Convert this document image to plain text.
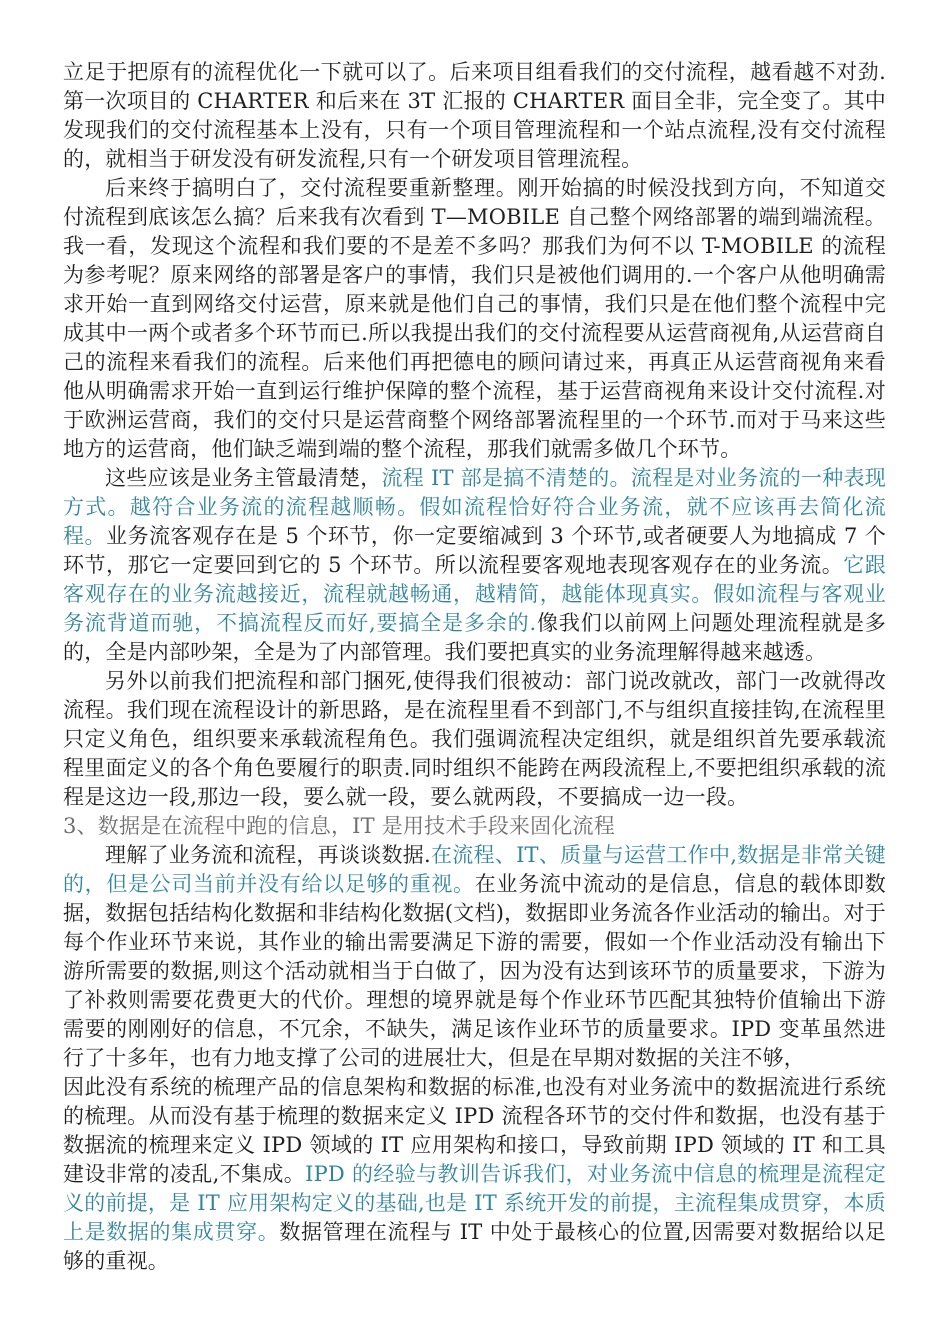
立足于把原有的流程优化一下就可以了。后来项目组看我们的交付流程，越看越不对劲.第一次项目的 CHARTER 和后来在 3T 汇报的 CHARTER 面目全非，完全变了。其中发现我们的交付流程基本上没有，只有一个项目管理流程和一个站点流程,没有交付流程的，就相当于研发没有研发流程,只有一个研发项目管理流程。

后来终于搞明白了，交付流程要重新整理。刚开始搞的时候没找到方向，不知道交付流程到底该怎么搞？后来我有次看到 T—MOBILE 自己整个网络部署的端到端流程。我一看，发现这个流程和我们要的不是差不多吗？那我们为何不以 T-MOBILE 的流程为参考呢？原来网络的部署是客户的事情，我们只是被他们调用的.一个客户从他明确需求开始一直到网络交付运营，原来就是他们自己的事情，我们只是在他们整个流程中完成其中一两个或者多个环节而已.所以我提出我们的交付流程要从运营商视角,从运营商自己的流程来看我们的流程。后来他们再把德电的顾问请过来，再真正从运营商视角来看他从明确需求开始一直到运行维护保障的整个流程，基于运营商视角来设计交付流程.对于欧洲运营商，我们的交付只是运营商整个网络部署流程里的一个环节.而对于马来这些地方的运营商，他们缺乏端到端的整个流程，那我们就需多做几个环节。

这些应该是业务主管最清楚，流程 IT 部是搞不清楚的。流程是对业务流的一种表现方式。越符合业务流的流程越顺畅。假如流程恰好符合业务流，就不应该再去简化流程。业务流客观存在是 5 个环节，你一定要缩减到 3 个环节,或者硬要人为地搞成 7 个环节，那它一定要回到它的 5 个环节。所以流程要客观地表现客观存在的业务流。它跟客观存在的业务流越接近，流程就越畅通，越精简，越能体现真实。假如流程与客观业务流背道而驰，不搞流程反而好,要搞全是多余的.像我们以前网上问题处理流程就是多的，全是内部吵架，全是为了内部管理。我们要把真实的业务流理解得越来越透。

另外以前我们把流程和部门捆死,使得我们很被动：部门说改就改，部门一改就得改流程。我们现在流程设计的新思路，是在流程里看不到部门,不与组织直接挂钩,在流程里只定义角色，组织要来承载流程角色。我们强调流程决定组织，就是组织首先要承载流程里面定义的各个角色要履行的职责.同时组织不能跨在两段流程上,不要把组织承载的流程是这边一段,那边一段，要么就一段，要么就两段，不要搞成一边一段。

3、数据是在流程中跑的信息，IT 是用技术手段来固化流程

理解了业务流和流程，再谈谈数据.在流程、IT、质量与运营工作中,数据是非常关键的，但是公司当前并没有给以足够的重视。在业务流中流动的是信息，信息的载体即数据，数据包括结构化数据和非结构化数据(文档)，数据即业务流各作业活动的输出。对于每个作业环节来说，其作业的输出需要满足下游的需要，假如一个作业活动没有输出下游所需要的数据,则这个活动就相当于白做了，因为没有达到该环节的质量要求，下游为了补救则需要花费更大的代价。理想的境界就是每个作业环节匹配其独特价值输出下游需要的刚刚好的信息，不冗余，不缺失，满足该作业环节的质量要求。IPD 变革虽然进行了十多年，也有力地支撑了公司的进展壮大，但是在早期对数据的关注不够，

因此没有系统的梳理产品的信息架构和数据的标准,也没有对业务流中的数据流进行系统的梳理。从而没有基于梳理的数据来定义 IPD 流程各环节的交付件和数据，也没有基于数据流的梳理来定义 IPD 领域的 IT 应用架构和接口，导致前期 IPD 领域的 IT 和工具建设非常的凌乱,不集成。IPD 的经验与教训告诉我们，对业务流中信息的梳理是流程定义的前提，是 IT 应用架构定义的基础,也是 IT 系统开发的前提，主流程集成贯穿，本质上是数据的集成贯穿。数据管理在流程与 IT 中处于最核心的位置,因需要对数据给以足够的重视。
